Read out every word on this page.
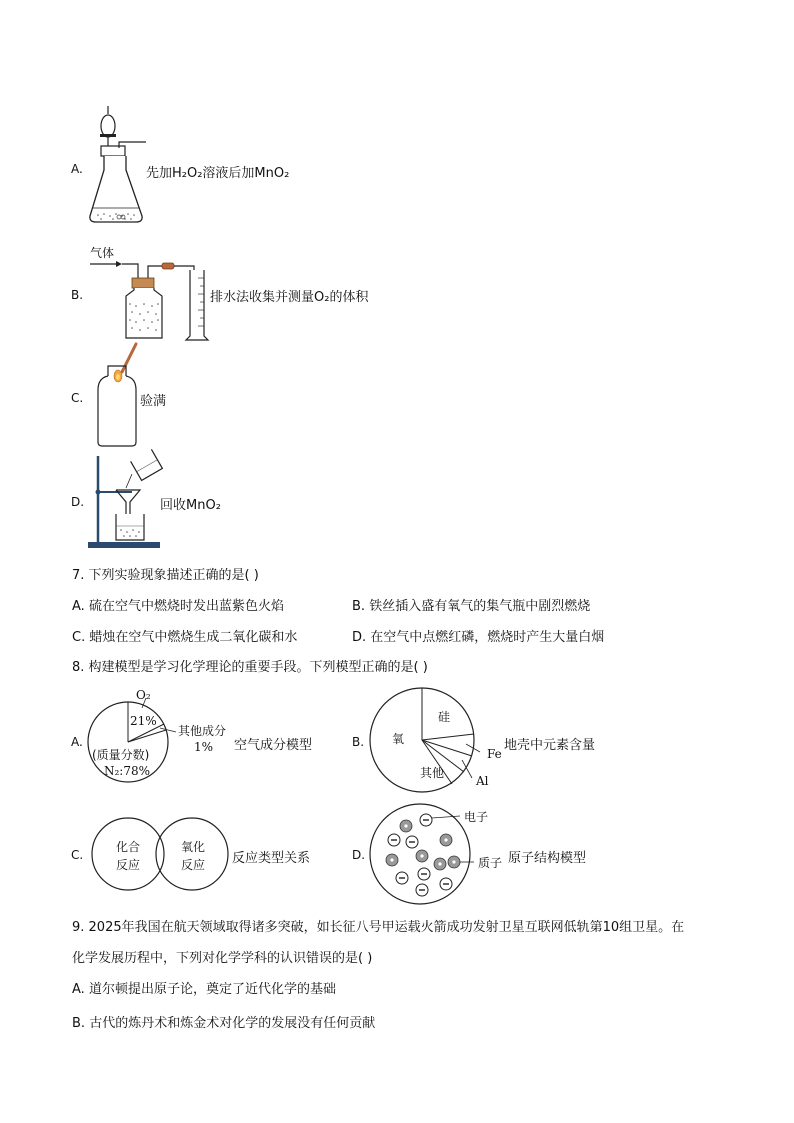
A.	先加H₂O₂溶液后加MnO₂
B.
气体
排水法收集并测量O₂的体积
C.	验满
D.	回收MnO₂
7. 下列实验现象描述正确的是( )
A. 硫在空气中燃烧时发出蓝紫色火焰	B. 铁丝插入盛有氧气的集气瓶中剧烈燃烧
C. 蜡烛在空气中燃烧生成二氧化碳和水	D. 在空气中点燃红磷，燃烧时产生大量白烟
8. 构建模型是学习化学理论的重要手段。下列模型正确的是( )
A.
O₂
21%
其他成分
1%
(质量分数)
N₂:78%
空气成分模型	B.
硅
氧
其他
Fe
Al
地壳中元素含量
C.
化合
反应
氧化
反应 反应类型关系	D.
电子
质子 原子结构模型
9. 2025年我国在航天领域取得诸多突破，如长征八号甲运载火箭成功发射卫星互联网低轨第10组卫星。在
化学发展历程中，下列对化学学科的认识错误的是( )
A. 道尔顿提出原子论，奠定了近代化学的基础
B. 古代的炼丹术和炼金术对化学的发展没有任何贡献
